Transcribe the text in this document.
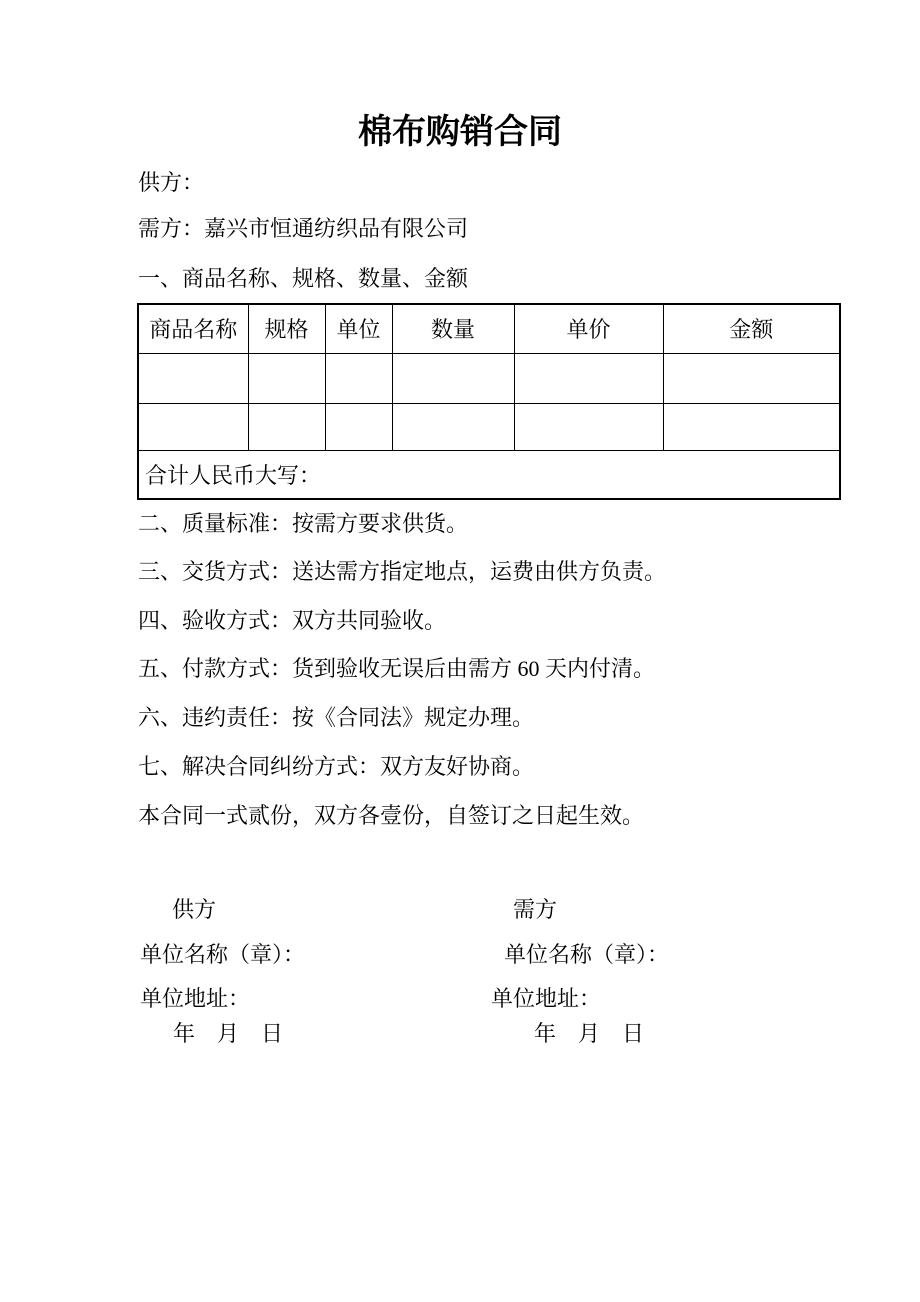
棉布购销合同

供方：

需方：嘉兴市恒通纺织品有限公司

一、商品名称、规格、数量、金额

商品名称	规格	单位	数量	单价	金额

合计人民币大写：					

二、质量标准：按需方要求供货。

三、交货方式：送达需方指定地点，运费由供方负责。

四、验收方式：双方共同验收。

五、付款方式：货到验收无误后由需方 60 天内付清。

六、违约责任：按《合同法》规定办理。

七、解决合同纠纷方式：双方友好协商。

本合同一式贰份，双方各壹份，自签订之日起生效。

供方	需方

单位名称（章）：	单位名称（章）：

单位地址：	单位地址：

年　月　日	年　月　日
